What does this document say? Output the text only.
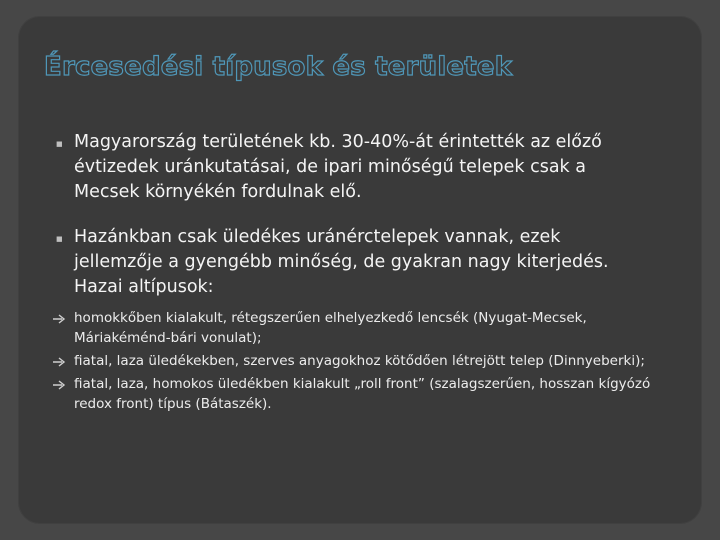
Ércesedési típusok és területek
■ Magyarország területének kb. 30-40%-át érintették az előző évtizedek uránkutatásai, de ipari minőségű telepek csak a Mecsek környékén fordulnak elő.
■ Hazánkban csak üledékes uránérctelepek vannak, ezek jellemzője a gyengébb minőség, de gyakran nagy kiterjedés. Hazai altípusok:
homokkőben kialakult, rétegszerűen elhelyezkedő lencsék (Nyugat-Mecsek, Máriakéménd-bári vonulat);
fiatal, laza üledékekben, szerves anyagokhoz kötődően létrejött telep (Dinnyeberki);
fiatal, laza, homokos üledékben kialakult „roll front” (szalagszerűen, hosszan kígyózó redox front) típus (Bátaszék).
